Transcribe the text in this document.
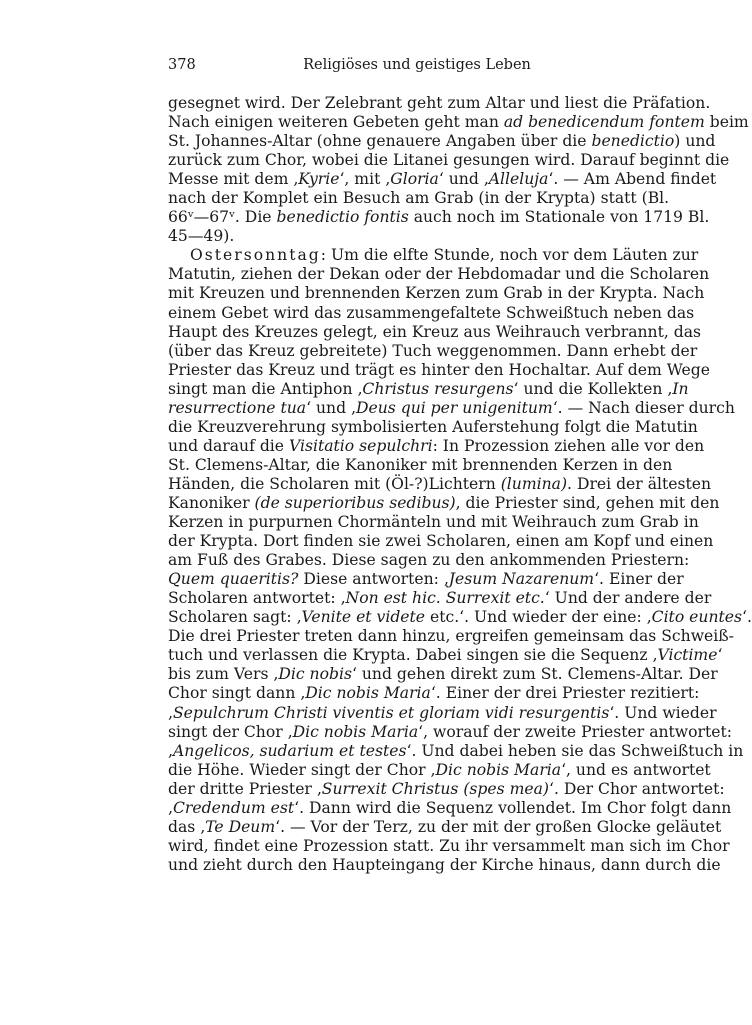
378	Religiöses und geistiges Leben
gesegnet wird. Der Zelebrant geht zum Altar und liest die Präfation.
Nach einigen weiteren Gebeten geht man ad benedicendum fontem beim
St. Johannes-Altar (ohne genauere Angaben über die benedictio) und
zurück zum Chor, wobei die Litanei gesungen wird. Darauf beginnt die
Messe mit dem ‚Kyrie‘, mit ‚Gloria‘ und ‚Alleluja‘. — Am Abend findet
nach der Komplet ein Besuch am Grab (in der Krypta) statt (Bl.
66ᵛ—67ᵛ. Die benedictio fontis auch noch im Stationale von 1719 Bl.
45—49).
Ostersonntag: Um die elfte Stunde, noch vor dem Läuten zur
Matutin, ziehen der Dekan oder der Hebdomadar und die Scholaren
mit Kreuzen und brennenden Kerzen zum Grab in der Krypta. Nach
einem Gebet wird das zusammengefaltete Schweißtuch neben das
Haupt des Kreuzes gelegt, ein Kreuz aus Weihrauch verbrannt, das
(über das Kreuz gebreitete) Tuch weggenommen. Dann erhebt der
Priester das Kreuz und trägt es hinter den Hochaltar. Auf dem Wege
singt man die Antiphon ‚Christus resurgens‘ und die Kollekten ‚In
resurrectione tua‘ und ‚Deus qui per unigenitum‘. — Nach dieser durch
die Kreuzverehrung symbolisierten Auferstehung folgt die Matutin
und darauf die Visitatio sepulchri: In Prozession ziehen alle vor den
St. Clemens-Altar, die Kanoniker mit brennenden Kerzen in den
Händen, die Scholaren mit (Öl-?)Lichtern (lumina). Drei der ältesten
Kanoniker (de superioribus sedibus), die Priester sind, gehen mit den
Kerzen in purpurnen Chormänteln und mit Weihrauch zum Grab in
der Krypta. Dort finden sie zwei Scholaren, einen am Kopf und einen
am Fuß des Grabes. Diese sagen zu den ankommenden Priestern:
Quem quaeritis? Diese antworten: ‚Jesum Nazarenum‘. Einer der
Scholaren antwortet: ‚Non est hic. Surrexit etc.‘ Und der andere der
Scholaren sagt: ‚Venite et videte etc.‘. Und wieder der eine: ‚Cito euntes‘.
Die drei Priester treten dann hinzu, ergreifen gemeinsam das Schweiß-
tuch und verlassen die Krypta. Dabei singen sie die Sequenz ‚Victime‘
bis zum Vers ‚Dic nobis‘ und gehen direkt zum St. Clemens-Altar. Der
Chor singt dann ‚Dic nobis Maria‘. Einer der drei Priester rezitiert:
‚Sepulchrum Christi viventis et gloriam vidi resurgentis‘. Und wieder
singt der Chor ‚Dic nobis Maria‘, worauf der zweite Priester antwortet:
‚Angelicos, sudarium et testes‘. Und dabei heben sie das Schweißtuch in
die Höhe. Wieder singt der Chor ‚Dic nobis Maria‘, und es antwortet
der dritte Priester ‚Surrexit Christus (spes mea)‘. Der Chor antwortet:
‚Credendum est‘. Dann wird die Sequenz vollendet. Im Chor folgt dann
das ‚Te Deum‘. — Vor der Terz, zu der mit der großen Glocke geläutet
wird, findet eine Prozession statt. Zu ihr versammelt man sich im Chor
und zieht durch den Haupteingang der Kirche hinaus, dann durch die
